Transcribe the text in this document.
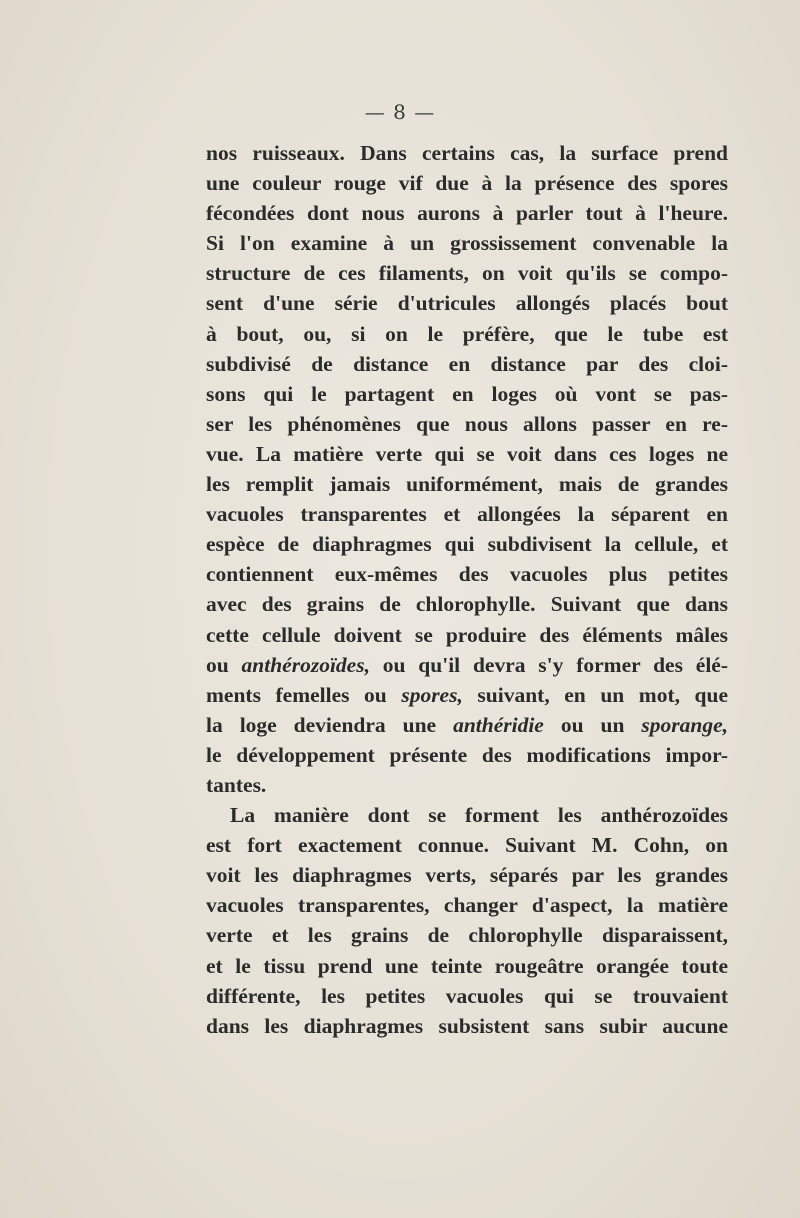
— 8 —
nos ruisseaux. Dans certains cas, la surface prend
une couleur rouge vif due à la présence des spores
fécondées dont nous aurons à parler tout à l'heure.
Si l'on examine à un grossissement convenable la
structure de ces filaments, on voit qu'ils se compo-
sent d'une série d'utricules allongés placés bout
à bout, ou, si on le préfère, que le tube est
subdivisé de distance en distance par des cloi-
sons qui le partagent en loges où vont se pas-
ser les phénomènes que nous allons passer en re-
vue. La matière verte qui se voit dans ces loges ne
les remplit jamais uniformément, mais de grandes
vacuoles transparentes et allongées la séparent en
espèce de diaphragmes qui subdivisent la cellule, et
contiennent eux-mêmes des vacuoles plus petites
avec des grains de chlorophylle. Suivant que dans
cette cellule doivent se produire des éléments mâles
ou anthérozoïdes, ou qu'il devra s'y former des élé-
ments femelles ou spores, suivant, en un mot, que
la loge deviendra une anthéridie ou un sporange,
le développement présente des modifications impor-
tantes.
La manière dont se forment les anthérozoïdes
est fort exactement connue. Suivant M. Cohn, on
voit les diaphragmes verts, séparés par les grandes
vacuoles transparentes, changer d'aspect, la matière
verte et les grains de chlorophylle disparaissent,
et le tissu prend une teinte rougeâtre orangée toute
différente, les petites vacuoles qui se trouvaient
dans les diaphragmes subsistent sans subir aucune
